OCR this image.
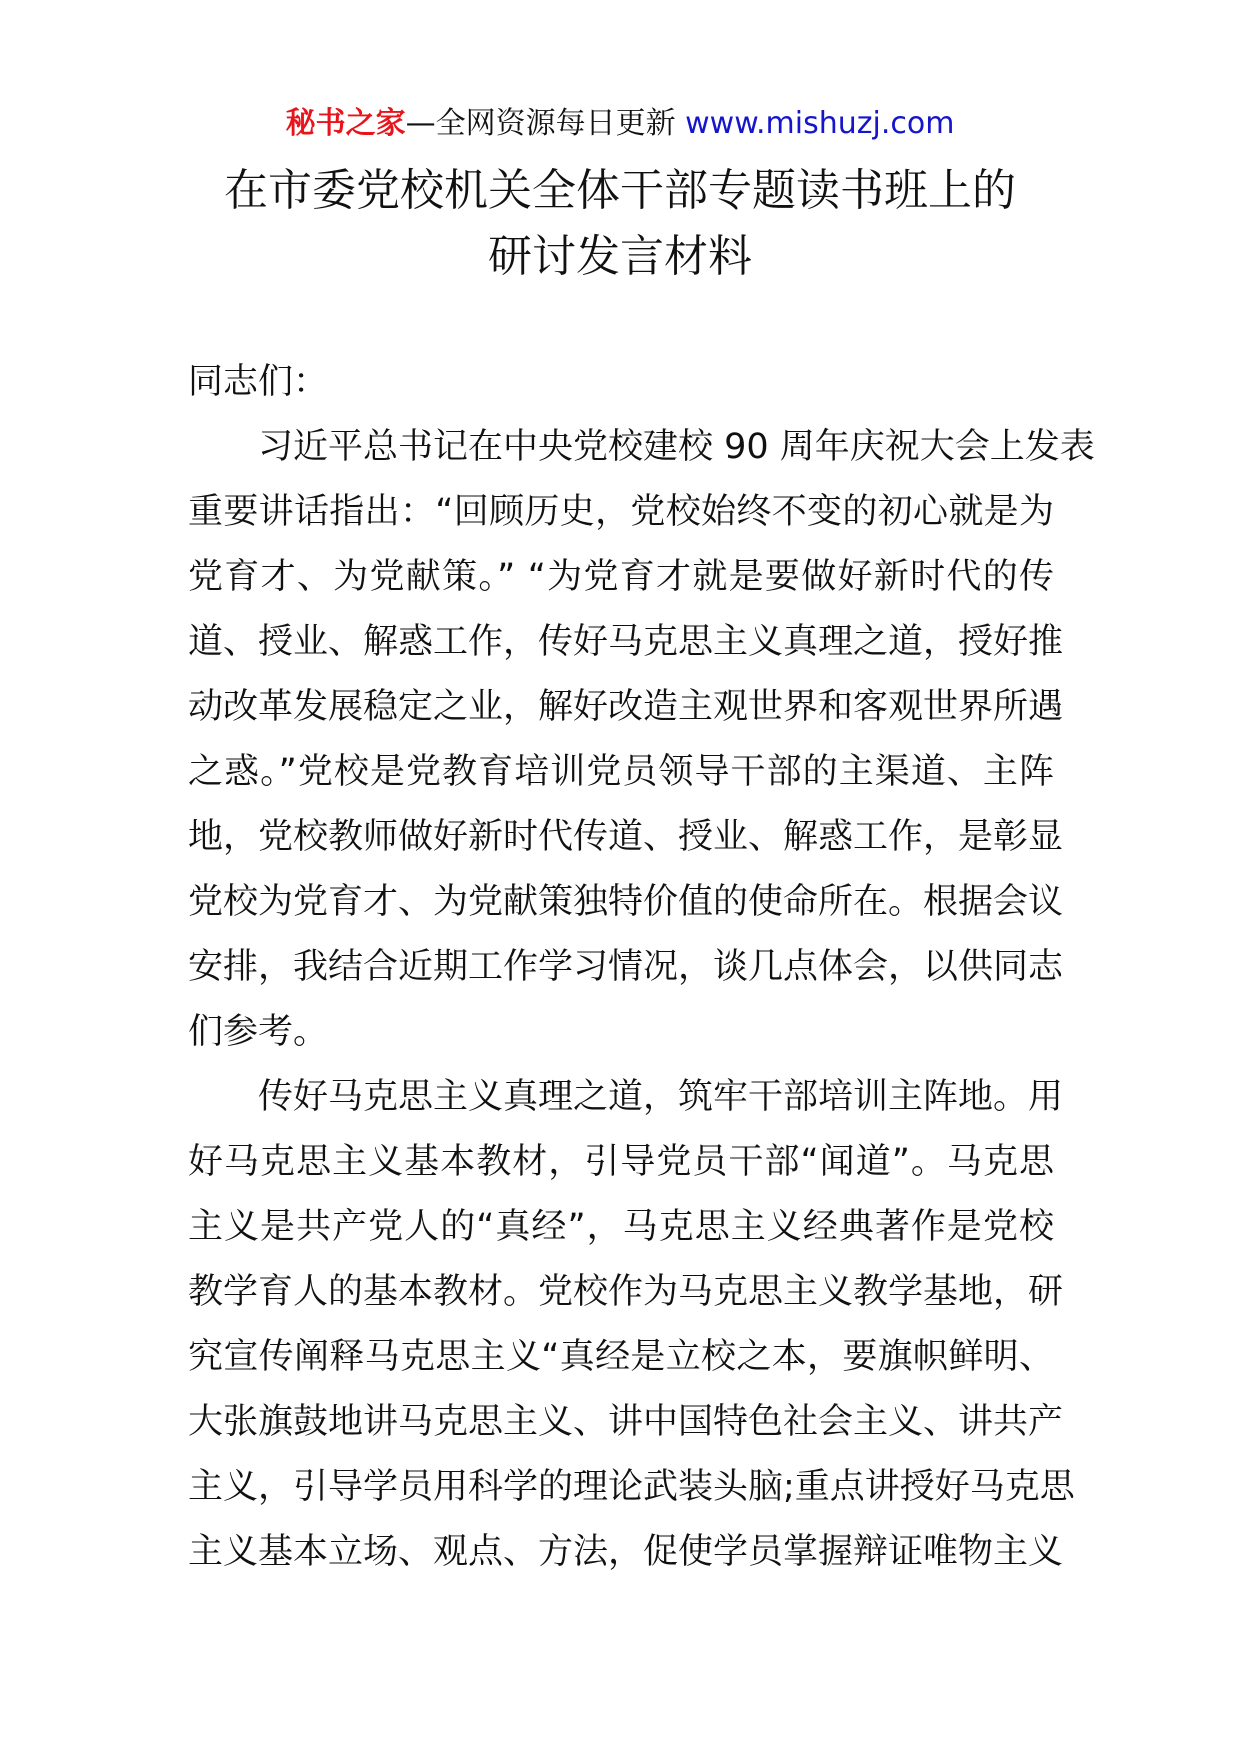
秘书之家—全网资源每日更新 www.mishuzj.com
在市委党校机关全体干部专题读书班上的
研讨发言材料

同志们：

习近平总书记在中央党校建校 90 周年庆祝大会上发表
重要讲话指出：“回顾历史，党校始终不变的初心就是为
党育才、为党献策。” “为党育才就是要做好新时代的传
道、授业、解惑工作，传好马克思主义真理之道，授好推
动改革发展稳定之业，解好改造主观世界和客观世界所遇
之惑。”党校是党教育培训党员领导干部的主渠道、主阵
地，党校教师做好新时代传道、授业、解惑工作，是彰显
党校为党育才、为党献策独特价值的使命所在。根据会议
安排，我结合近期工作学习情况，谈几点体会，以供同志
们参考。

传好马克思主义真理之道，筑牢干部培训主阵地。用
好马克思主义基本教材，引导党员干部“闻道”。马克思
主义是共产党人的“真经”，马克思主义经典著作是党校
教学育人的基本教材。党校作为马克思主义教学基地，研
究宣传阐释马克思主义“真经是立校之本，要旗帜鲜明、
大张旗鼓地讲马克思主义、讲中国特色社会主义、讲共产
主义，引导学员用科学的理论武装头脑;重点讲授好马克思
主义基本立场、观点、方法，促使学员掌握辩证唯物主义
